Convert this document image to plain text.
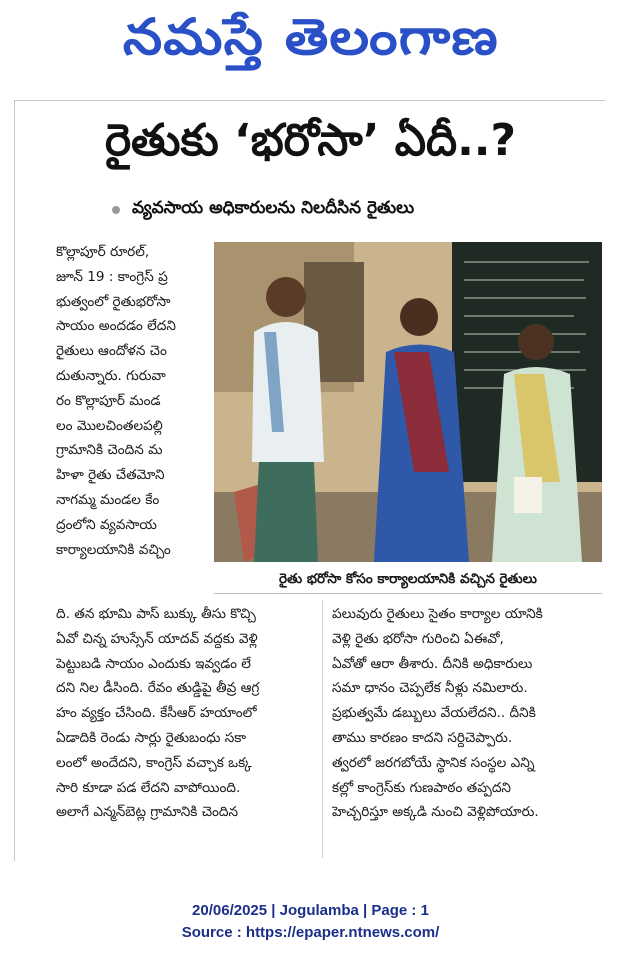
నమస్తే తెలంగాణ
రైతుకు ‘భరోసా’ ఏదీ..?
వ్యవసాయ అధికారులను నిలదీసిన రైతులు
కొల్లాపూర్ రూరల్,
జూన్ 19 : కాంగ్రెస్ ప్ర
భుత్వంలో రైతుభరోసా
సాయం అందడం లేదని
రైతులు ఆందోళన చెం
దుతున్నారు. గురువా
రం కొల్లాపూర్ మండ
లం మొలచింతలపల్లి
గ్రామానికి చెందిన మ
హిళా రైతు చేతమోని
నాగమ్మ మండల కేం
ద్రంలోని వ్యవసాయ
కార్యాలయానికి వచ్చిం
రైతు భరోసా కోసం కార్యాలయానికి వచ్చిన రైతులు
ది. తన భూమి పాస్ బుక్కు తీసు కొచ్చి
ఏవో చిన్న హుస్సేన్ యాదవ్ వద్దకు వెళ్లి
పెట్టుబడి సాయం ఎందుకు ఇవ్వడం లే
దని నిల డీసింది. రేవం తుడ్డిపై తీవ్ర ఆగ్ర
హం వ్యక్తం చేసింది. కేసీఆర్ హయాంలో
ఏడాదికి రెండు సార్లు రైతుబంధు సకా
లంలో అందేదని, కాంగ్రెస్ వచ్చాక ఒక్క
సారి కూడా పడ లేదని వాపోయింది.
అలాగే ఎన్మన్‌బెట్ల గ్రామానికి చెందిన
పలువురు రైతులు సైతం కార్యాల యానికి
వెళ్లి రైతు భరోసా గురించి ఏఈవో,
ఏవోతో ఆరా తీశారు. దీనికి అధికారులు
సమా ధానం చెప్పలేక నీళ్లు నమిలారు.
ప్రభుత్వమే డబ్బులు వేయలేదని.. దీనికి
తాము కారణం కాదని సర్దిచెప్పారు.
త్వరలో జరగబోయే స్థానిక సంస్థల ఎన్ని
కల్లో కాంగ్రెస్‌కు గుణపాఠం తప్పదని
హెచ్చరిస్తూ అక్కడి నుంచి వెళ్లిపోయారు.
20/06/2025 | Jogulamba | Page : 1
Source : https://epaper.ntnews.com/
